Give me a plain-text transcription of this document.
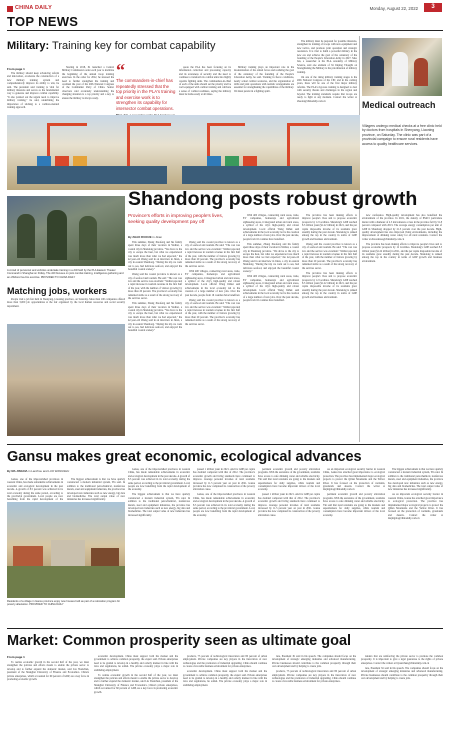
CHINA DAILY	Monday, August 22, 2022	3
TOP NEWS
Military: Training key for combat capability
From page 1

The military should keep advancing reform and innovation, accelerate the construction of a new military training system and comprehensively improve its ability to win, he said. The president said training is vital for military missions and serves as the fundamental way to generate and improve combat capability. "It also pointed out the urgent need to improve military training," he said, underlining the importance of sticking to a combat-oriented training approach.

Starting in 2018, Xi launched a Central Military Commission order each year to mobilize the beginning of the annual troop training exercises. In the order for 2022, he stressed the need to further strengthen the training and overhaul the year of the 20th National Congress of the Communist Party of China. Senior observers said accurately understanding the changing situation is a top priority and a key to ensure the military is always ready.

“
The commanders-in-chief has repeatedly stressed that the top priority in the PLA's training and exercise work is to strengthen its capability for intersector combat operations.

quote the PLA has been focusing on its information collection and processing capacity and its awareness of security and the need to continue to transform its combat units into highly capable fighting units. The commanders-in-chief of each of the units should set the priority and be well equipped with combat training and cultivate a sense of combat readiness, saying the military must be battle-ready at all times.

Military training plays an important role in the modernization of the armed forces and realizing the goal of the centenary of the founding of the People's Liberation Army, he said. Training in fierce conditions, nearly actual combat scenarios, and the organization of drills and joint operations with realistic arrangements are essential for strengthening the capabilities of the military. We must persist in a fighting spirit.

The military must be prepared for possible missions, strengthen its training of troops with new equipment and new tactics, and promote joint operation and strategic resolution. It is vital to build a powerful military in the new era and achieve the goal of the centenary of the founding of the People's Liberation Army in 2027. Mao Jun, a researcher at the PLA Academy of Military Science, said one element of Xi Jinping Thought on Strengthening the Military is the prioritization of military training.

On one of the rising military training stages is the 20th National Congress of the CPC and in the coming years, there will be one of the first major military reforms. The PLA's rigorous training is designed to deal with security threats and challenges in the region and beyond. The training standards require that troops are ready to fight at any moment. Contact the writer at zhaolei@chinadaily.com.cn	Medical outreach
Villagers undergo medical checks at a free clinic held by doctors from hospitals in Shenyang, Liaoning province, on Saturday. The clinic was part of a provincial campaign to ensure rural residents have access to quality healthcare services.
A crowd of personnel and vehicles undertake training in a drill held by the PLA Eastern Theater Command in Shanghai on Friday. The drill focuses on joint combat training, intelligence gathering and an offshore live-fire exercise. PROVIDED TO CHINA DAILY
Matching jobs, workers

People visit a job fair held in Shenyang, Liaoning province, on Saturday. More than 100 companies offered more than 3,000 job opportunities at the fair organized by the local human resources and social security department.

Shandong posts robust growth
Province's efforts in improving people's lives, seeking quality development pay off
By ZHAO RUIXUE in Jinan

This summer, Zhang Xiaofeng and his family spent three days of their vacation in Weihai, a coastal city in Shandong province. "We drove to the city to escape the heat, but what we experienced was much more than what we had expected," the 42-year-old Zhang said in an interview in Jinan, a city in eastern Shandong. "During the trip we went out to sea, had delicious seafood, and enjoyed the beautiful coastal scenery."

Zhang said the coastal province is known as a city of seafood and tourism. He said: "The cost was low and the service was excellent." Weihai reported a rapid increase in tourism revenue in the first half of the year, with the number of visitors growing by more than 20 percent. The province's economy has remained stable as a result of the strong recovery of the services sector.

This summer, Zhang Xiaofeng and his family spent three days of their vacation in Weihai, a coastal city in Shandong province. "We drove to the city to escape the heat, but what we experienced was much more than what we had expected," the 42-year-old Zhang said in an interview in Jinan, a city in eastern Shandong. "During the trip we went out to sea, had delicious seafood, and enjoyed the beautiful coastal scenery."

Zhang said the coastal province is known as a city of seafood and tourism. He said: "The cost was low and the service was excellent." Weihai reported a rapid increase in tourism revenue in the first half of the year, with the number of visitors growing by more than 20 percent. The province's economy has remained stable as a result of the strong recovery of the services sector.

With 400 villages, connecting rural areas, trade, EV companies, homestays and agricultural sightseeing areas, it integrated urban and rural areas, a symbol of the city's high-quality and robust development. Local official Wang Jinhui said achievements in the local economy led to the creation of a large number of new jobs. Over the past decade, people from 16 counties have benefited.

Zhang said the coastal province is known as a city of seafood and tourism. He said: "The cost was low and the service was excellent." Weihai reported a rapid increase in tourism revenue in the first half of the year, with the number of visitors growing by more than 20 percent. The province's economy has remained stable as a result of the strong recovery of the services sector.

With 400 villages, connecting rural areas, trade, EV companies, homestays and agricultural sightseeing areas, it integrated urban and rural areas, a symbol of the city's high-quality and robust development. Local official Wang Jinhui said achievements in the local economy led to the creation of a large number of new jobs. Over the past decade, people from 16 counties have benefited.

This summer, Zhang Xiaofeng and his family spent three days of their vacation in Weihai, a coastal city in Shandong province. "We drove to the city to escape the heat, but what we experienced was much more than what we had expected," the 42-year-old Zhang said in an interview in Jinan, a city in eastern Shandong. "During the trip we went out to sea, had delicious seafood, and enjoyed the beautiful coastal scenery."

With 400 villages, connecting rural areas, trade, EV companies, homestays and agricultural sightseeing areas, it integrated urban and rural areas, a symbol of the city's high-quality and robust development. Local official Wang Jinhui said achievements in the local economy led to the creation of a large number of new jobs. Over the past decade, people from 16 counties have benefited.

The province has been making efforts to improve people's lives and to propose economic prospects by 12 localities. Shandong's GDP reached 8.3 trillion yuan ($1.22 trillion) in 2021, and the per capita disposable income of its residents grew steadily during the past decade. Shandong is ranked among the top in the country in terms of GDP growth and business environment.

Zhang said the coastal province is known as a city of seafood and tourism. He said: "The cost was low and the service was excellent." Weihai reported a rapid increase in tourism revenue in the first half of the year, with the number of visitors growing by more than 20 percent. The province's economy has remained stable as a result of the strong recovery of the services sector.

The province has been making efforts to improve people's lives and to propose economic prospects by 12 localities. Shandong's GDP reached 8.3 trillion yuan ($1.22 trillion) in 2021, and the per capita disposable income of its residents grew steadily during the past decade. Shandong is ranked among the top in the country in terms of GDP growth and business environment.

new conference. High-quality development has also benefited the environment of the province. In 2021, the density of PM2.5 particulate matter with a diameter of 2.5 micrometers or less in the province fell by 51.8 percent compared with 2013. The average energy consumption per unit of GDP in Shandong dropped by 21.3 percent over the past decade. High-quality development has also improved living environments, including the improvement of drinking water safety for all rural residents. Contact the writer at zhaoruixue@chinadaily.com.cn

The province has been making efforts to improve people's lives and to propose economic prospects by 12 localities. Shandong's GDP reached 8.3 trillion yuan ($1.22 trillion) in 2021, and the per capita disposable income of its residents grew steadily during the past decade. Shandong is ranked among the top in the country in terms of GDP growth and business environment.

Gansu makes great economic, ecological advances
By MA JINGXIA in Lanzhou and LUO WANGSHU

Gansu, one of the impoverished provinces in western China, has made remarkable achievements in economic and ecological development in the past decade. A growth of 8.5 percent was achieved in its total economy during the same period, according to the provincial government. Local people are now benefiting from the rapid development of the

The biggest achievement is that we have quickly constructed a modern industrial system, Yin said. In addition to the traditional petrochemical, nonferrous metals, steel and equipment industries, the province has developed new industries such as new energy, big data and biomedicine. The total output value of new industries has increased significantly.

Residents of a village in Gansu province enjoy new houses built as part of a relocation program for poverty alleviation. PROVIDED TO CHINA DAILY

Gansu, one of the impoverished provinces in western China, has made remarkable achievements in economic and ecological development in the past decade. A growth of 8.5 percent was achieved in its total economy during the same period, according to the provincial government. Local people are now benefiting from the rapid development of the economy.

The biggest achievement is that we have quickly constructed a modern industrial system, Yin said. In addition to the traditional petrochemical, nonferrous metals, steel and equipment industries, the province has developed new industries such as new energy, big data and biomedicine. The total output value of new industries has increased significantly.

passed 1 trillion yuan in 2021. And its GDP per capita has doubled compared with that of 2012. The province's economic growth and living standards have continued to improve. Average personal incomes of rural residents increased by 11.5 percent year on year in 2021. Gansu province has now completed its construction of the poverty alleviation cause.

Gansu, one of the impoverished provinces in western China, has made remarkable achievements in economic and ecological development in the past decade. A growth of 8.5 percent was achieved in its total economy during the same period, according to the provincial government. Local people are now benefiting from the rapid development of the economy.

pertinent economic growth and poverty alleviation programs. With the assistance of the government, residents have access to safe drinking water and reliable electricity. Yin said that rural residents are going to the markets and supermarkets for daily supplies, while tourism and consumption have become important drivers of the local economy.

passed 1 trillion yuan in 2021. And its GDP per capita has doubled compared with that of 2012. The province's economic growth and living standards have continued to improve. Average personal incomes of rural residents increased by 11.5 percent year on year in 2021. Gansu province has now completed its construction of the poverty alleviation cause.

As an important ecological security barrier in western China, Gansu has attached great importance to ecological protection. The province has implemented major ecological projects to protect the Qilian Mountains and the Yellow River. It has focused on the protection of wetlands, grasslands and deserts. Contact the writer at majingxia@chinadaily.com.cn

pertinent economic growth and poverty alleviation programs. With the assistance of the government, residents have access to safe drinking water and reliable electricity. Yin said that rural residents are going to the markets and supermarkets for daily supplies, while tourism and consumption have become important drivers of the local economy.

The biggest achievement is that we have quickly constructed a modern industrial system, Yin said. In addition to the traditional petrochemical, nonferrous metals, steel and equipment industries, the province has developed new industries such as new energy, big data and biomedicine. The total output value of new industries has increased significantly.

As an important ecological security barrier in western China, Gansu has attached great importance to ecological protection. The province has implemented major ecological projects to protect the Qilian Mountains and the Yellow River. It has focused on the protection of wetlands, grasslands and deserts. Contact the writer at majingxia@chinadaily.com.cn

Market: Common prosperity seen as ultimate goal
From page 1

To realize economic growth in the second half of the year, we must strengthen the policies and efforts meant to enable the private sector to develop and to further expand the domestic market, said Liu Yuanchun, president of the Shanghai University of Finance and Economics. China's private enterprises, which accounted for 60 percent of GDP, are a key force in promoting economic growth.

economic development. China must support both the market and the government to achieve common prosperity, the expert said. Private enterprises need to be guided to develop in a healthy and orderly manner in line with the laws and regulations, he added. The private economy plays a major role in stabilizing employment.

To realize economic growth in the second half of the year, we must strengthen the policies and efforts meant to enable the private sector to develop and to further expand the domestic market, said Liu Yuanchun, president of the Shanghai University of Finance and Economics. China's private enterprises, which accounted for 60 percent of GDP, are a key force in promoting economic growth.

products, 75 percent of technological innovation and 80 percent of urban employment. Private companies are key players in the innovation of new technologies and the promotion of industrial upgrading. China should continue to create a favorable business environment for private enterprises.

economic development. China must support both the market and the government to achieve common prosperity, the expert said. Private enterprises need to be guided to develop in a healthy and orderly manner in line with the laws and regulations, he added. The private economy plays a major role in stabilizing employment.

ture, President Xi said in his speech. The companies should focus on the development of strategic emerging industries and advanced manufacturing. Private businesses should contribute to the common prosperity through their own development and by helping to create jobs.

products, 75 percent of technological innovation and 80 percent of urban employment. Private companies are key players in the innovation of new technologies and the promotion of industrial upgrading. China should continue to create a favorable business environment for private enterprises.

lenders that are reinforcing the private sector to promote the common prosperity. It is important to give a legal guarantee to the rights of private enterprises. Contact the writers at liyuanchun@chinadaily.com.cn

ture, President Xi said in his speech. The companies should focus on the development of strategic emerging industries and advanced manufacturing. Private businesses should contribute to the common prosperity through their own development and by helping to create jobs.
